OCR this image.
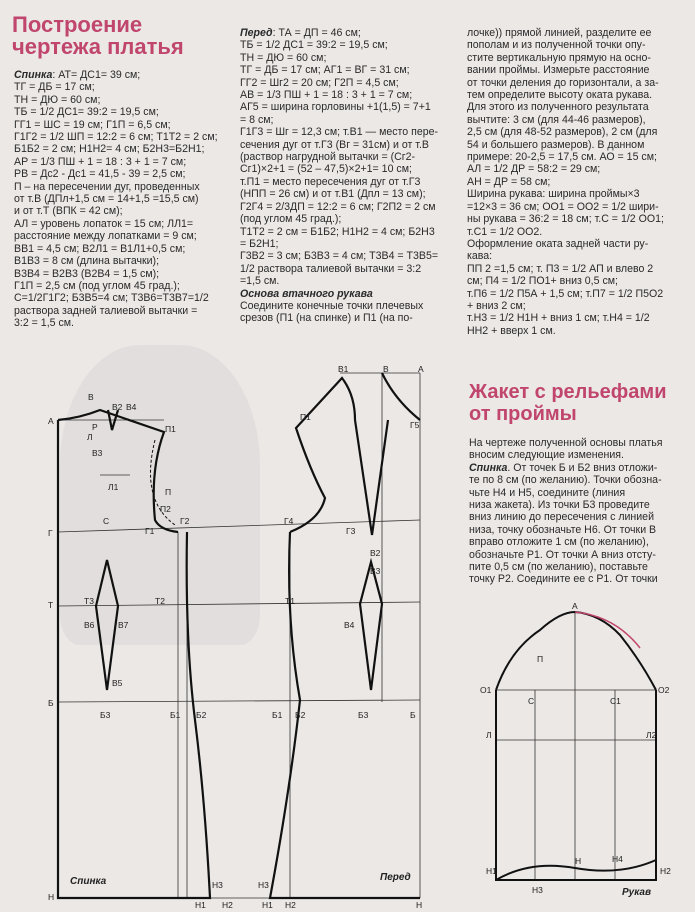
Построение
чертежа платья

Спинка: АТ= ДС1= 39 см;

ТГ = ДБ = 17 см;

ТН = ДЮ = 60 см;

ТБ = 1/2 ДС1= 39:2 = 19,5 см;

ГГ1 = ШС = 19 см; Г1П = 6,5 см;

Г1Г2 = 1/2 ШП = 12:2 = 6 см; Т1Т2 = 2 см;

Б1Б2 = 2 см; Н1Н2= 4 см; Б2Н3=Б2Н1;

АР = 1/3 ПШ + 1 = 18 : 3 + 1 = 7 см;

РВ = Дс2 - Дс1 = 41,5 - 39 = 2,5 см;

П – на пересечении дуг, проведенных

от т.В (ДПл+1,5 см = 14+1,5 =15,5 см)

и от т.Т (ВПК = 42 см);

АЛ = уровень лопаток = 15 см; ЛЛ1=

расстояние между лопатками = 9 см;

ВВ1 = 4,5 см; В2Л1 = В1Л1+0,5 см;

В1В3 = 8 см (длина вытачки);

В3В4 = В2В3 (В2В4 = 1,5 см);

Г1П = 2,5 см (под углом 45 град.);

С=1/2Г1Г2; Б3В5=4 см; Т3В6=Т3В7=1/2

раствора задней талиевой вытачки =

3:2 = 1,5 см.

Перед: ТА = ДП = 46 см;

ТБ = 1/2 ДС1 = 39:2 = 19,5 см;

ТН = ДЮ = 60 см;

ТГ = ДБ = 17 см; АГ1 = ВГ = 31 см;

ГГ2 = Шг2 = 20 см; Г2П = 4,5 см;

АВ = 1/3 ПШ + 1 = 18 : 3 + 1 = 7 см;

АГ5 = ширина горловины +1(1,5) = 7+1

= 8 см;

Г1Г3 = Шг = 12,3 см; т.В1 — место пере-

сечения дуг от т.Г3 (Вг = 31см) и от т.В

(раствор нагрудной вытачки = (Сг2-

Сг1)×2+1 = (52 – 47,5)×2+1= 10 см;

т.П1 = место пересечения дуг от т.Г3

(НПП = 26 см) и от т.В1 (Дпл = 13 см);

Г2Г4 = 2/3ДП = 12:2 = 6 см; Г2П2 = 2 см

(под углом 45 град.);

Т1Т2 = 2 см = Б1Б2; Н1Н2 = 4 см; Б2Н3

= Б2Н1;

Г3В2 = 3 см; Б3В3 = 4 см; Т3В4 = Т3В5=

1/2 раствора талиевой вытачки = 3:2

=1,5 см.

Основа втачного рукава

Соедините конечные точки плечевых

срезов (П1 (на спинке) и П1 (на по-

лочке)) прямой линией, разделите ее

пополам и из полученной точки опу-

стите вертикальную прямую на осно-

вании проймы. Измерьте расстояние

от точки деления до горизонтали, а за-

тем определите высоту оката рукава.

Для этого из полученного результата

вычтите: 3 см (для 44-46 размеров),

2,5 см (для 48-52 размеров), 2 см (для

54 и большего размеров). В данном

примере: 20-2,5 = 17,5 см. АО = 15 см;

АЛ = 1/2 ДР = 58:2 = 29 см;

АН = ДР = 58 см;

Ширина рукава: ширина проймы×3

=12×3 = 36 см; ОО1 = ОО2 = 1/2 шири-

ны рукава = 36:2 = 18 см; т.С = 1/2 ОО1;

т.С1 = 1/2 ОО2.

Оформление оката задней части ру-

кава:

ПП 2 =1,5 см; т. П3 = 1/2 АП и влево 2

см; П4 = 1/2 ПО1+ вниз 0,5 см;

т.П6 = 1/2 П5А + 1,5 см; т.П7 = 1/2 П5О2

+ вниз 2 см;

т.Н3 = 1/2 Н1Н + вниз 1 см; т.Н4 = 1/2

НН2 + вверх 1 см.

Жакет с рельефами
от проймы

На чертеже полученной основы платья

вносим следующие изменения.

Спинка. От точек Б и Б2 вниз отложи-

те по 8 см (по желанию). Точки обозна-

чьте Н4 и Н5, соедините (линия

низа жакета). Из точки Б3 проведите

вниз линию до пересечения с линией

низа, точку обозначьте Н6. От точки В

вправо отложите 1 см (по желанию),

обозначьте Р1. От точки А вниз отсту-

пите 0,5 см (по желанию), поставьте

точку Р2. Соедините ее с Р1. От точки

А
В
В2 В4
Р
Л
В3
Л1
П1
П
П2
С
Г	Г1
Г2	Г4
Г3
Г5
Т	Т3	Т2	Т1
В6	В7
В5
Б
Б3	Б1 Б2
Н
Н3
В1	В	А
П1
В2
В3
В4
Б1 Б2	Б3	Б
Н3
Н
Н1 Н2	Н1 Н2
Спинка	Перед
А
О1	О2
С	С1
П
Л	Л2
Н1	Н2
Н	Н4
Н3	Рукав
